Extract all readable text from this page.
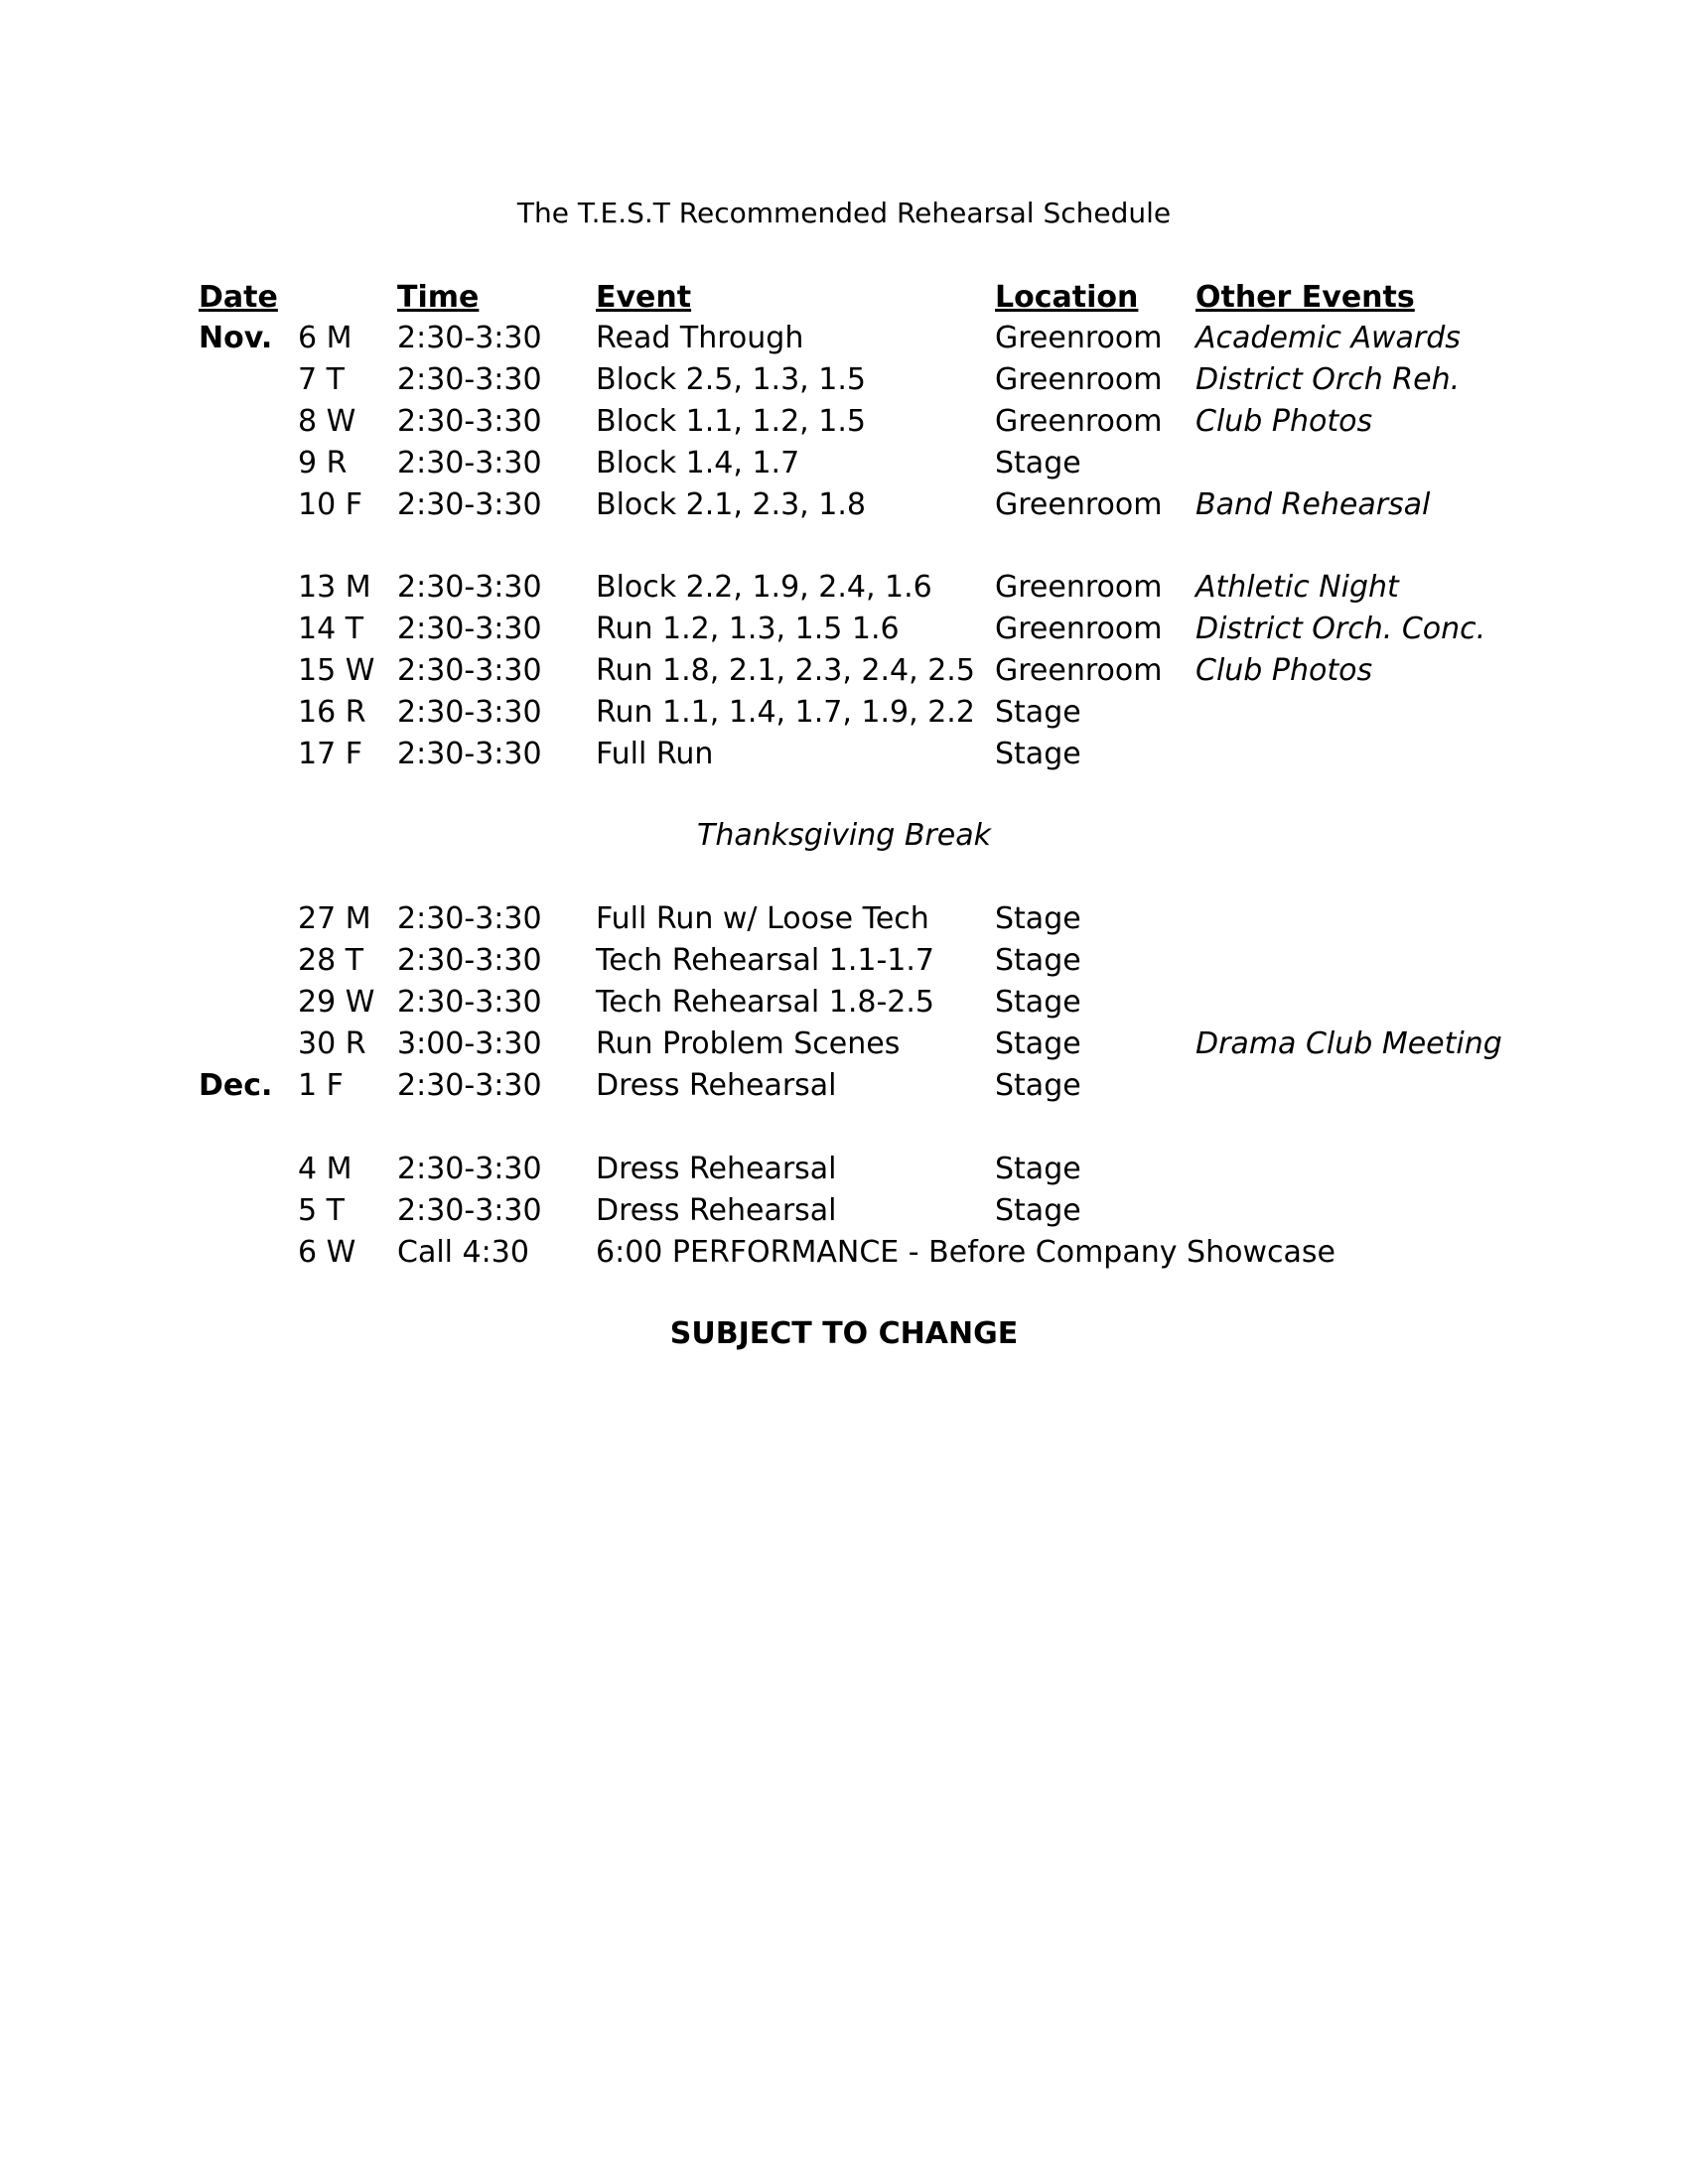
The T.E.S.T Recommended Rehearsal Schedule
Date	Time	Event	Location Other Events
Nov. 6 M 2:30-3:30 Read Through	Greenroom Academic Awards
7 T 2:30-3:30 Block 2.5, 1.3, 1.5	Greenroom District Orch Reh.
8 W 2:30-3:30 Block 1.1, 1.2, 1.5	Greenroom Club Photos
9 R 2:30-3:30 Block 1.4, 1.7	Stage
10 F 2:30-3:30 Block 2.1, 2.3, 1.8	Greenroom Band Rehearsal
13 M 2:30-3:30 Block 2.2, 1.9, 2.4, 1.6 Greenroom Athletic Night
14 T 2:30-3:30 Run 1.2, 1.3, 1.5 1.6	Greenroom District Orch. Conc.
15 W 2:30-3:30 Run 1.8, 2.1, 2.3, 2.4, 2.5 Greenroom Club Photos
16 R 2:30-3:30 Run 1.1, 1.4, 1.7, 1.9, 2.2 Stage
17 F 2:30-3:30 Full Run	Stage
Thanksgiving Break
27 M 2:30-3:30 Full Run w/ Loose Tech Stage
28 T 2:30-3:30 Tech Rehearsal 1.1-1.7 Stage
29 W 2:30-3:30 Tech Rehearsal 1.8-2.5 Stage
30 R 3:00-3:30 Run Problem Scenes	Stage	Drama Club Meeting
Dec. 1 F 2:30-3:30 Dress Rehearsal	Stage
4 M 2:30-3:30 Dress Rehearsal	Stage
5 T 2:30-3:30 Dress Rehearsal	Stage
6 W Call 4:30 6:00 PERFORMANCE - Before Company Showcase
SUBJECT TO CHANGE
